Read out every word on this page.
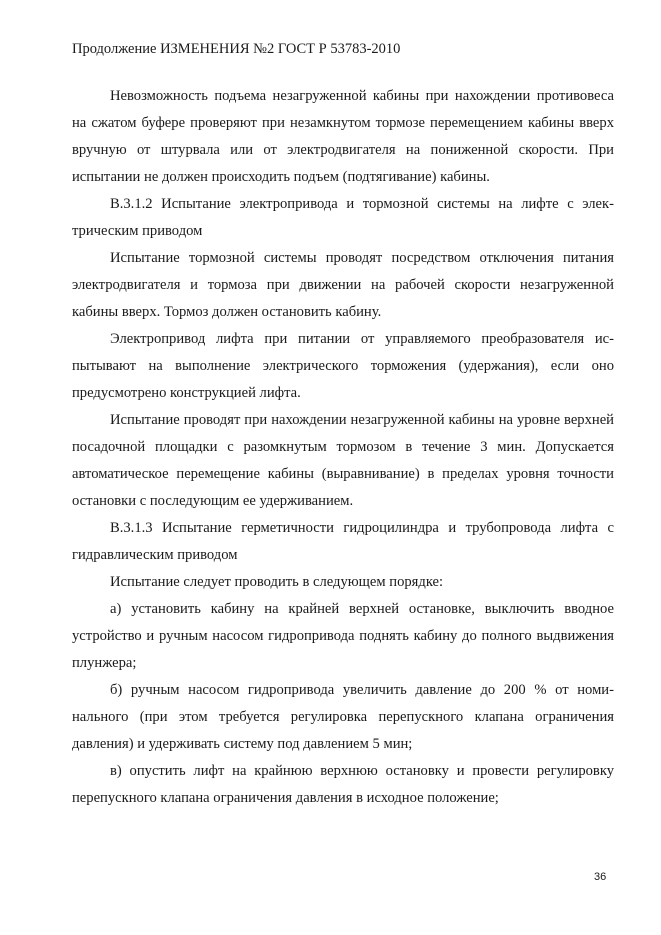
Продолжение ИЗМЕНЕНИЯ №2 ГОСТ Р 53783-2010

Невозможность подъема незагруженной кабины при нахождении противовеса на сжатом буфере проверяют при незамкнутом тормозе перемещением кабины вверх вручную от штурвала или от электродвигателя на пониженной скорости. При испытании не должен происходить подъем (подтягивание) кабины.

В.3.1.2 Испытание электропривода и тормозной системы на лифте с электрическим приводом

Испытание тормозной системы проводят посредством отключения питания электродвигателя и тормоза при движении на рабочей скорости незагруженной кабины вверх. Тормоз должен остановить кабину.

Электропривод лифта при питании от управляемого преобразователя испытывают на выполнение электрического торможения (удержания), если оно предусмотрено конструкцией лифта.

Испытание проводят при нахождении незагруженной кабины на уровне верхней посадочной площадки с разомкнутым тормозом в течение 3 мин. Допускается автоматическое перемещение кабины (выравнивание) в пределах уровня точности остановки с последующим ее удерживанием.

В.3.1.3 Испытание герметичности гидроцилиндра и трубопровода лифта с гидравлическим приводом

Испытание следует проводить в следующем порядке:

а) установить кабину на крайней верхней остановке, выключить вводное устройство и ручным насосом гидропривода поднять кабину до полного выдвижения плунжера;

б) ручным насосом гидропривода увеличить давление до 200 % от номинального (при этом требуется регулировка перепускного клапана ограничения давления) и удерживать систему под давлением 5 мин;

в) опустить лифт на крайнюю верхнюю остановку и провести регулировку перепускного клапана ограничения давления в исходное положение;

36
